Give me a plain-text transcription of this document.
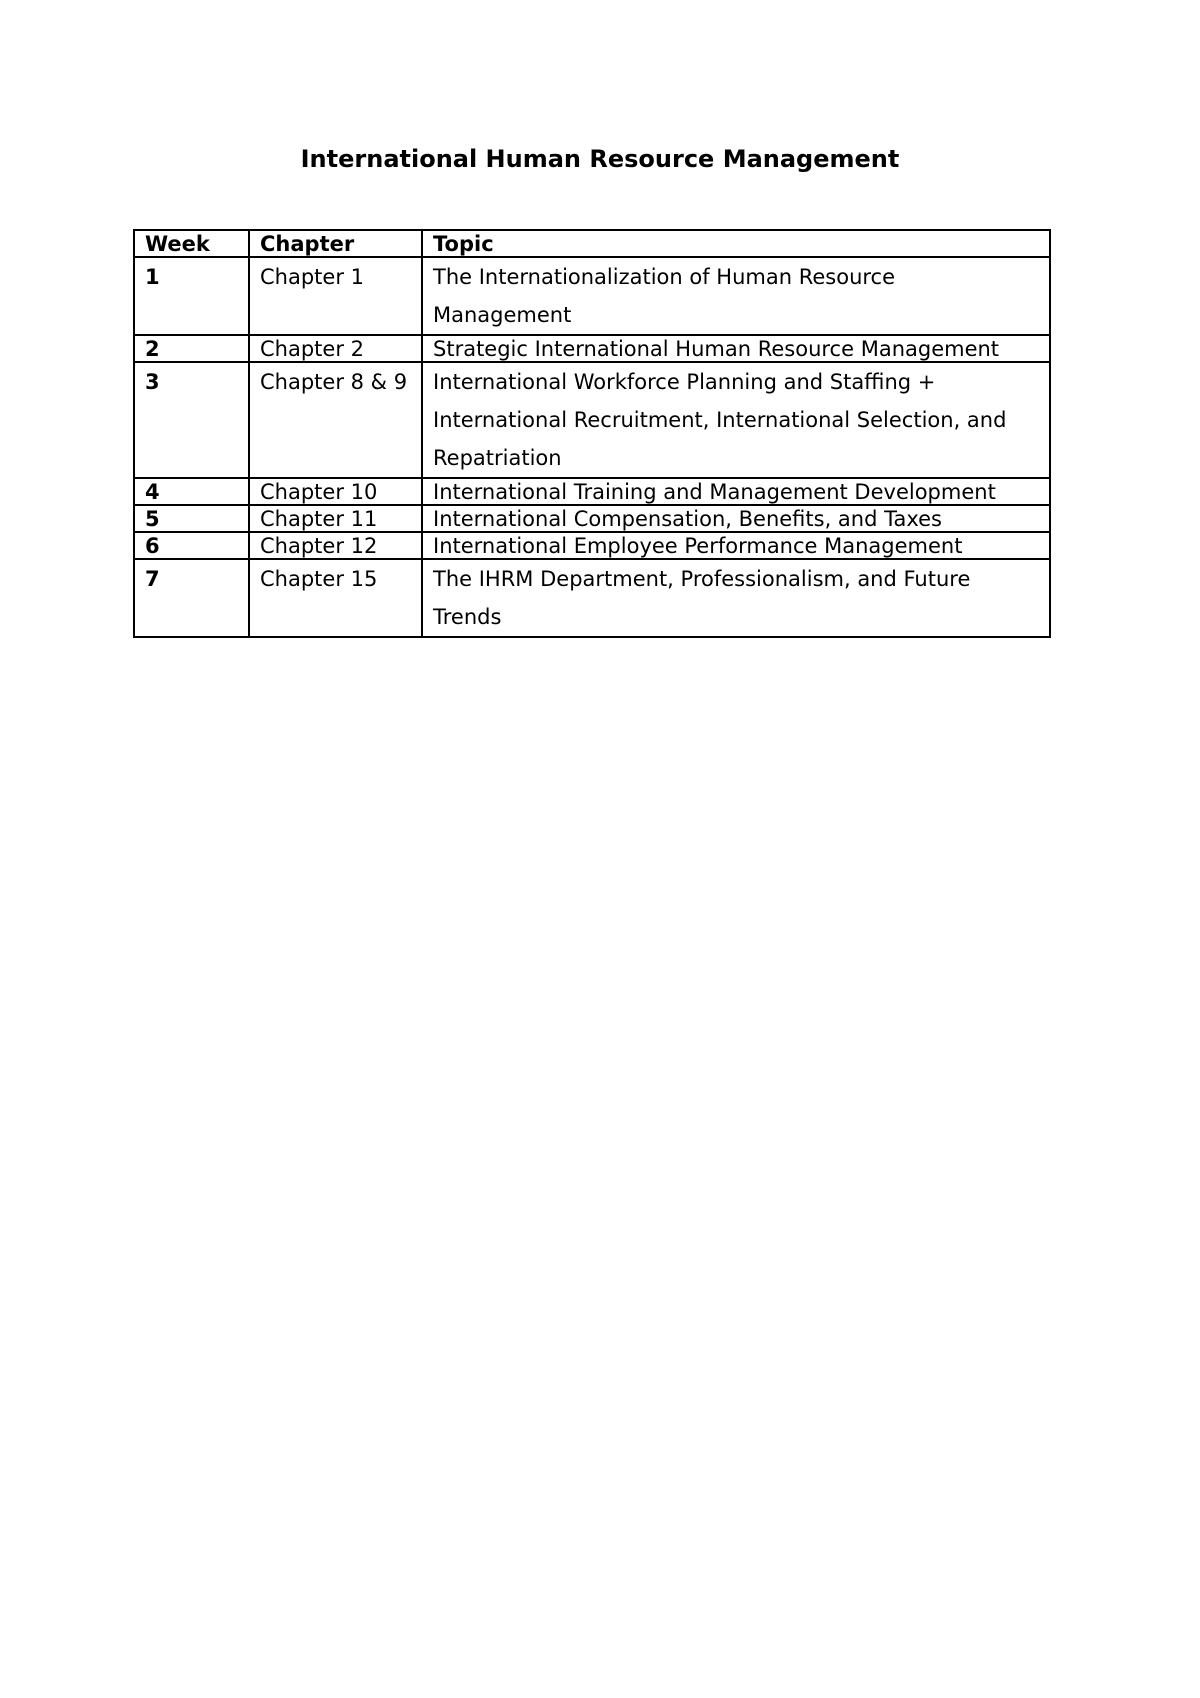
International Human Resource Management
Week	Chapter	Topic
1	Chapter 1	The Internationalization of Human Resource Management
2	Chapter 2	Strategic International Human Resource Management
3	Chapter 8 & 9	International Workforce Planning and Staffing + International Recruitment, International Selection, and Repatriation
4	Chapter 10	International Training and Management Development
5	Chapter 11	International Compensation, Benefits, and Taxes
6	Chapter 12	International Employee Performance Management
7	Chapter 15	The IHRM Department, Professionalism, and Future Trends
